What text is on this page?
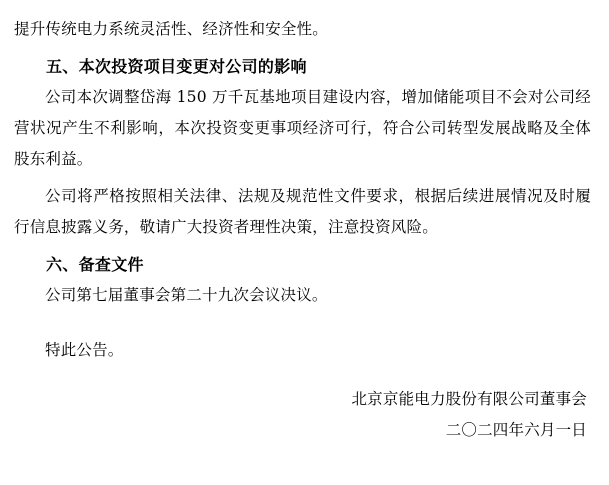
提升传统电力系统灵活性、经济性和安全性。

五、本次投资项目变更对公司的影响

公司本次调整岱海 150 万千瓦基地项目建设内容，增加储能项目不会对公司经营状况产生不利影响，本次投资变更事项经济可行，符合公司转型发展战略及全体股东利益。

公司将严格按照相关法律、法规及规范性文件要求，根据后续进展情况及时履行信息披露义务，敬请广大投资者理性决策，注意投资风险。

六、备查文件

公司第七届董事会第二十九次会议决议。

特此公告。

北京京能电力股份有限公司董事会

二〇二四年六月一日
